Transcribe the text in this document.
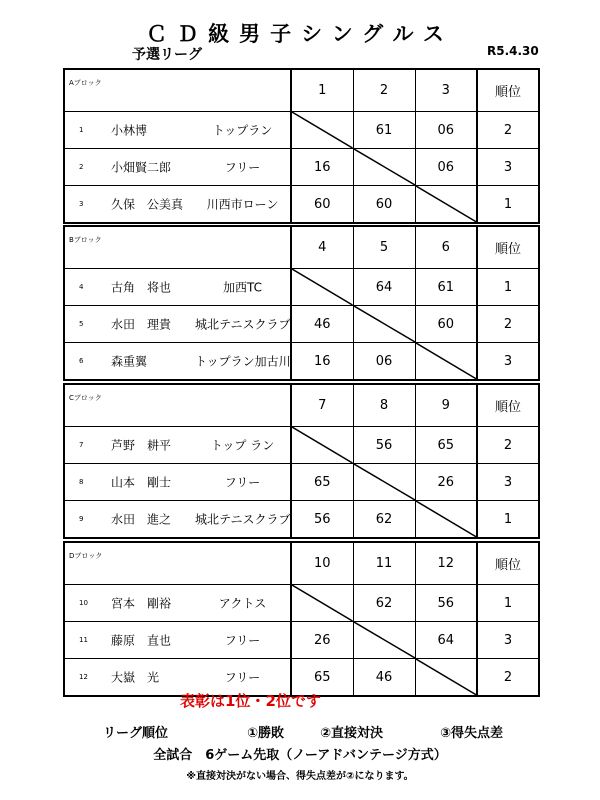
ＣＤ級男子シングルス
予選リーグ	R5.4.30
Aブロック	1	2	3	順位

1 小林博 トップラン		61	06	2

2 小畑賢二郎 フリー	16		06	3

3 久保　公美真 川西市ローン	60	60		1
Bブロック	4	5	6	順位

4 古角　将也 加西TC		64	61	1

5 水田　理貴 城北テニスクラブ	46		60	2

6 森重翼 トップラン加古川	16	06		3
Cブロック	7	8	9	順位

7 芦野　耕平 トップ ラン		56	65	2

8 山本　剛士 フリー	65		26	3

9 水田　進之 城北テニスクラブ	56	62		1
Dブロック	10	11	12	順位

10 宮本　剛裕 アクトス		62	56	1

11 藤原　直也 フリー	26		64	3

12 大嶽　光 フリー	65	46		2
表彰は1位・2位です
リーグ順位	①勝敗	②直接対決	③得失点差
全試合　6ゲーム先取（ノーアドバンテージ方式）
※直接対決がない場合、得失点差が②になります。
